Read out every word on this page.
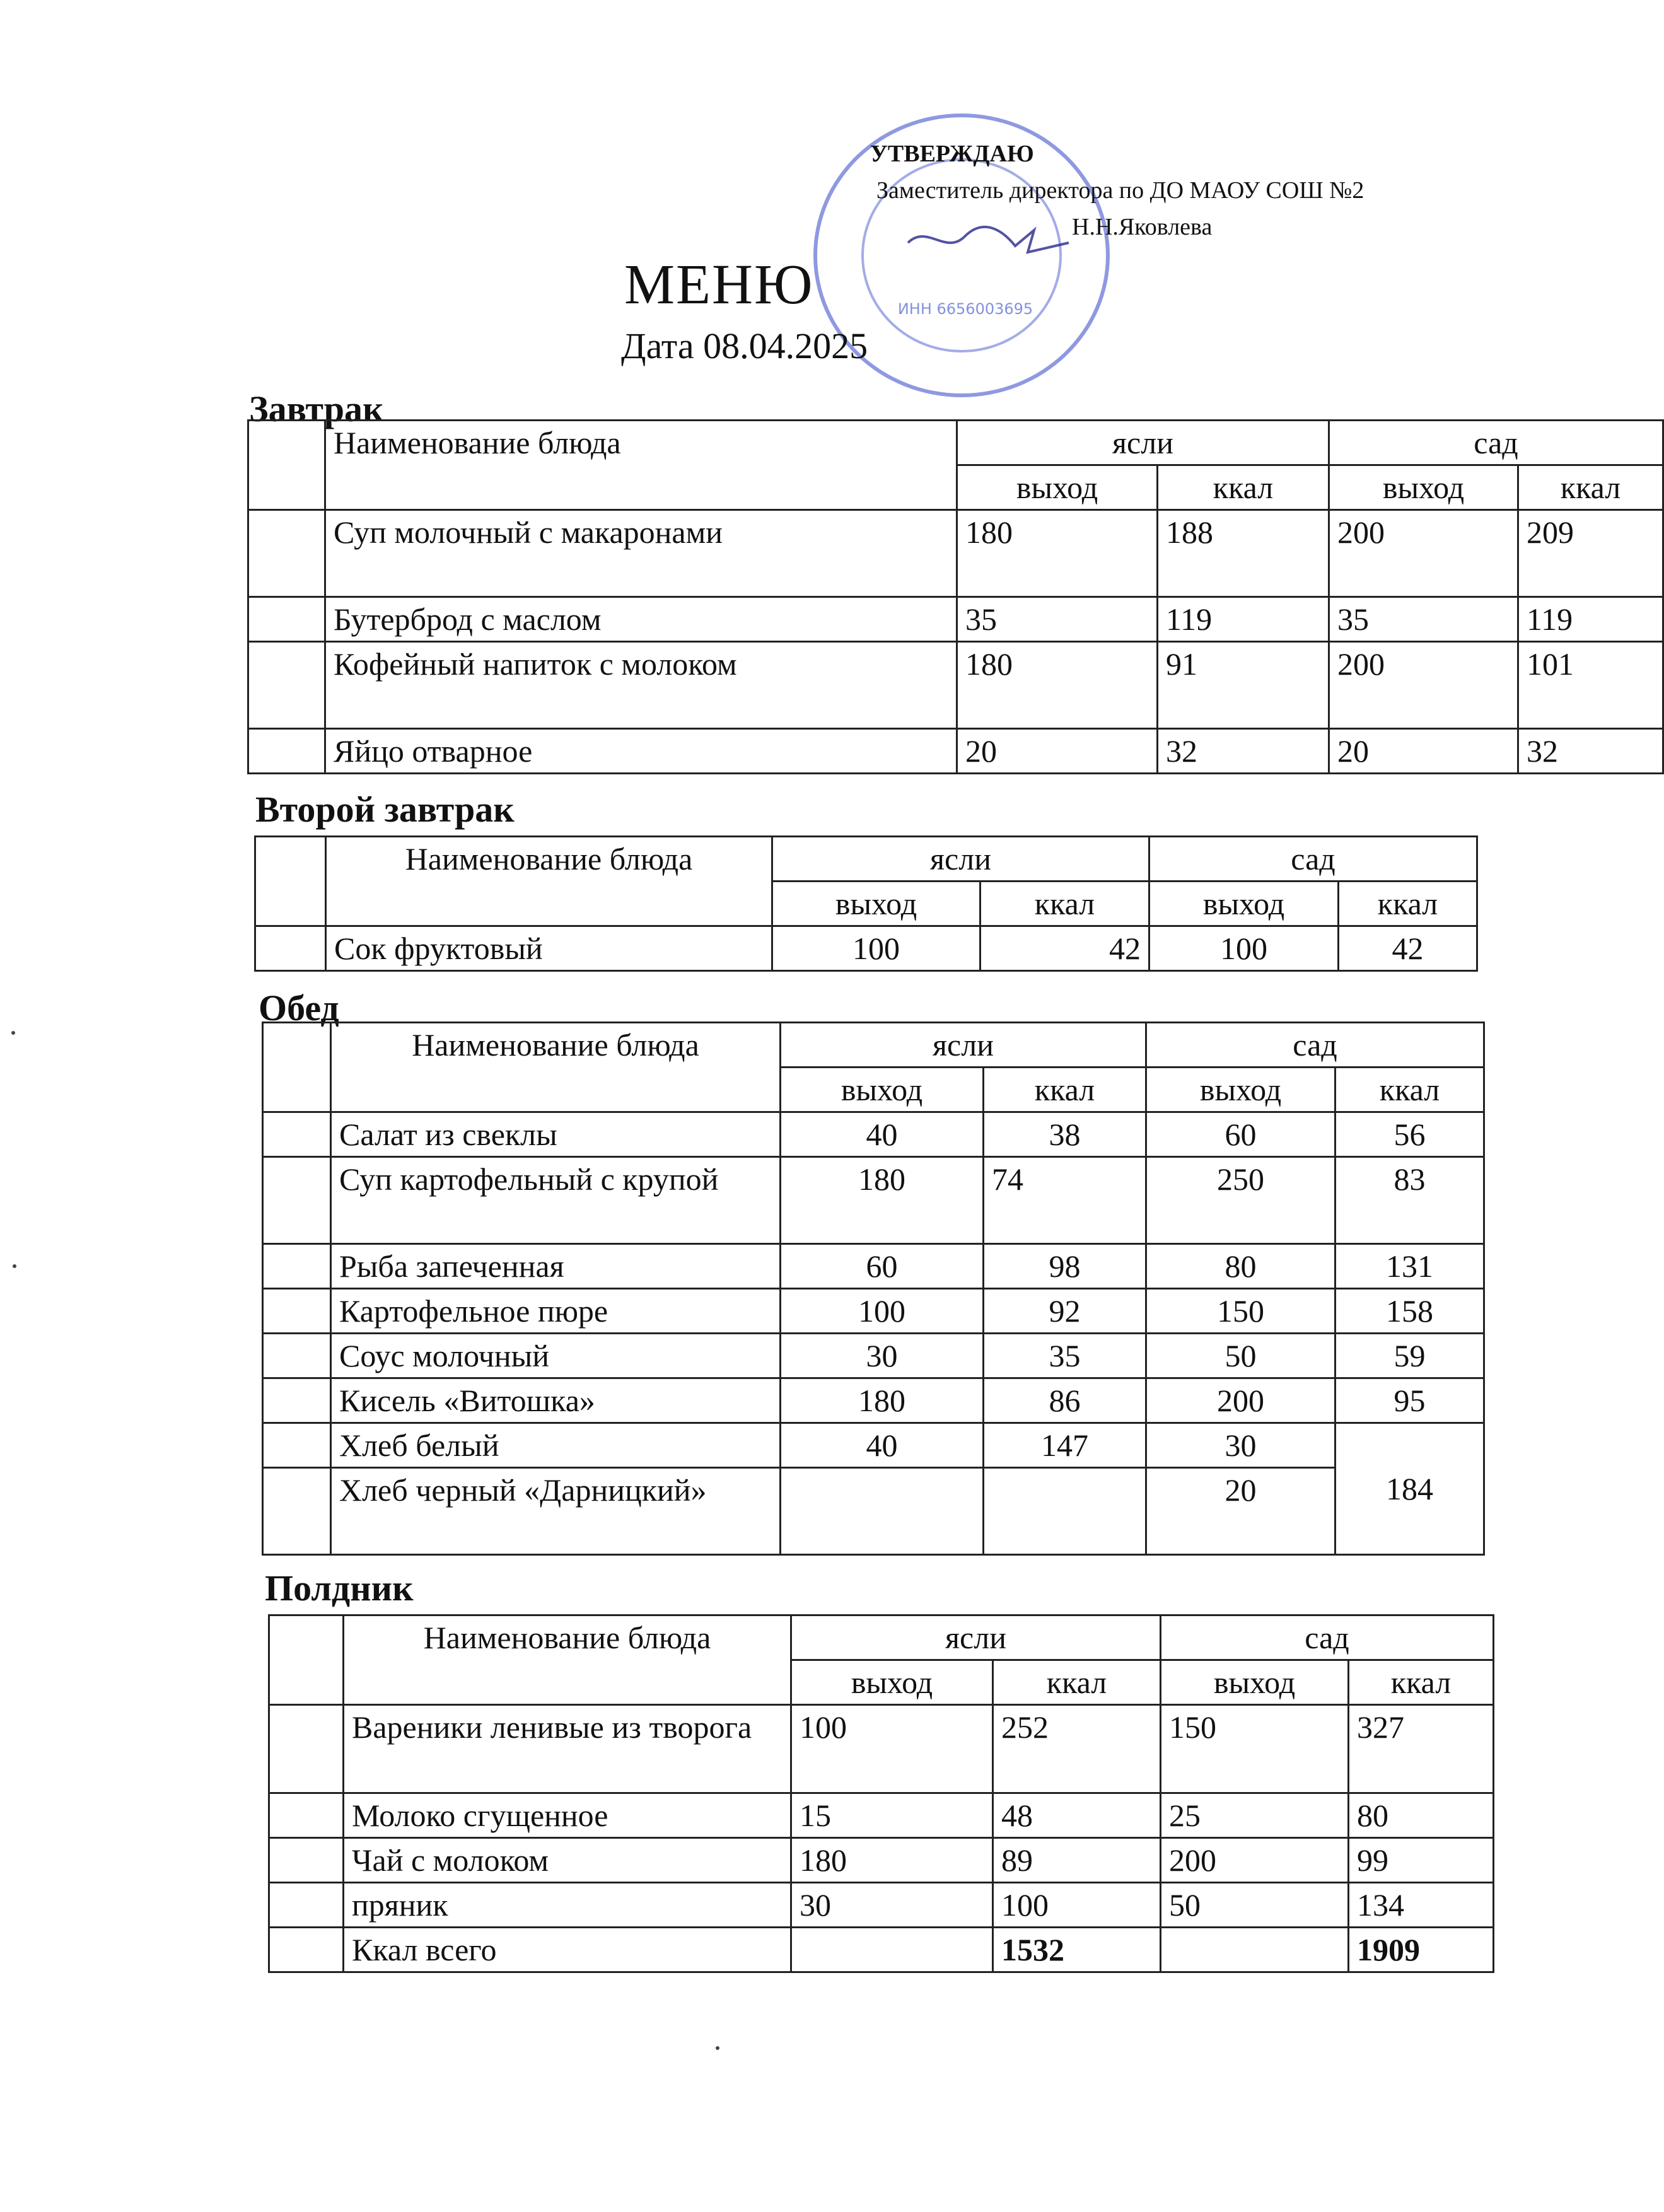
ИНН 6656003695
УТВЕРЖДАЮ
Заместитель директора по ДО МАОУ СОШ №2
Н.Н.Яковлева
МЕНЮ
Дата 08.04.2025
Завтрак
	Наименование блюда	ясли		сад	
		выход	ккал	выход	ккал
	Суп молочный с макаронами	180	188	200	209
	Бутерброд с маслом	35	119	35	119
	Кофейный напиток с молоком	180	91	200	101
	Яйцо отварное	20	32	20	32
Второй завтрак
	Наименование блюда	ясли		сад	
		выход	ккал	выход	ккал
	Сок фруктовый	100	42	100	42
Обед
	Наименование блюда	ясли		сад	
		выход	ккал	выход	ккал
	Салат из свеклы	40	38	60	56
	Суп картофельный с крупой	180	74	250	83
	Рыба запеченная	60	98	80	131
	Картофельное пюре	100	92	150	158
	Соус молочный	30	35	50	59
	Кисель «Витошка»	180	86	200	95
	Хлеб белый	40	147	30	184
	Хлеб черный «Дарницкий»			20	
Полдник
	Наименование блюда	ясли		сад	
		выход	ккал	выход	ккал
	Вареники ленивые из творога	100	252	150	327
	Молоко сгущенное	15	48	25	80
	Чай с молоком	180	89	200	99
	пряник	30	100	50	134
	Ккал всего		1532		1909
